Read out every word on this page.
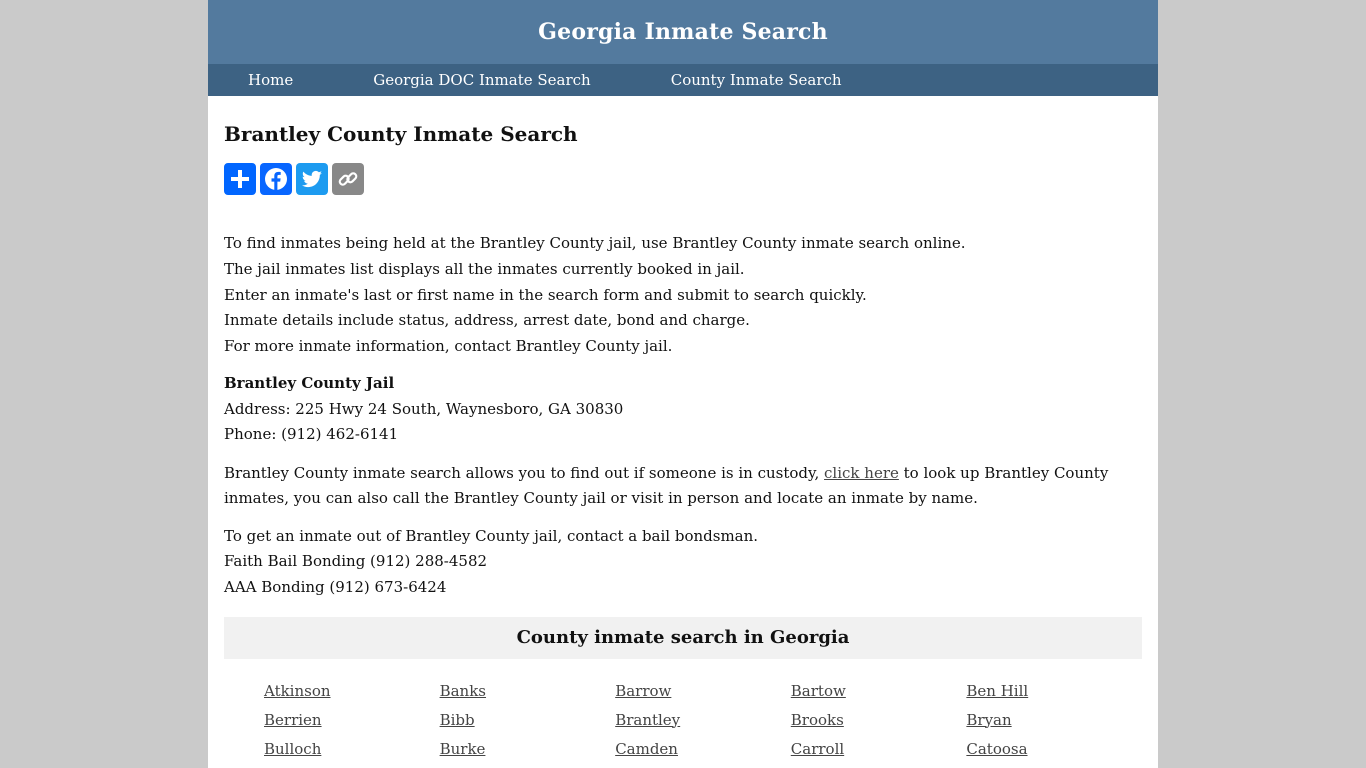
Georgia Inmate Search
Home	Georgia DOC Inmate Search	County Inmate Search
Brantley County Inmate Search
To find inmates being held at the Brantley County jail, use Brantley County inmate search online.
The jail inmates list displays all the inmates currently booked in jail.
Enter an inmate's last or first name in the search form and submit to search quickly.
Inmate details include status, address, arrest date, bond and charge.
For more inmate information, contact Brantley County jail.
Brantley County Jail
Address: 225 Hwy 24 South, Waynesboro, GA 30830
Phone: (912) 462-6141
Brantley County inmate search allows you to find out if someone is in custody, click here to look up Brantley County inmates, you can also call the Brantley County jail or visit in person and locate an inmate by name.
To get an inmate out of Brantley County jail, contact a bail bondsman.
Faith Bail Bonding (912) 288-4582
AAA Bonding (912) 673-6424
County inmate search in Georgia
Atkinson	Banks	Barrow	Bartow	Ben Hill
Berrien	Bibb	Brantley	Brooks	Bryan
Bulloch	Burke	Camden	Carroll	Catoosa
